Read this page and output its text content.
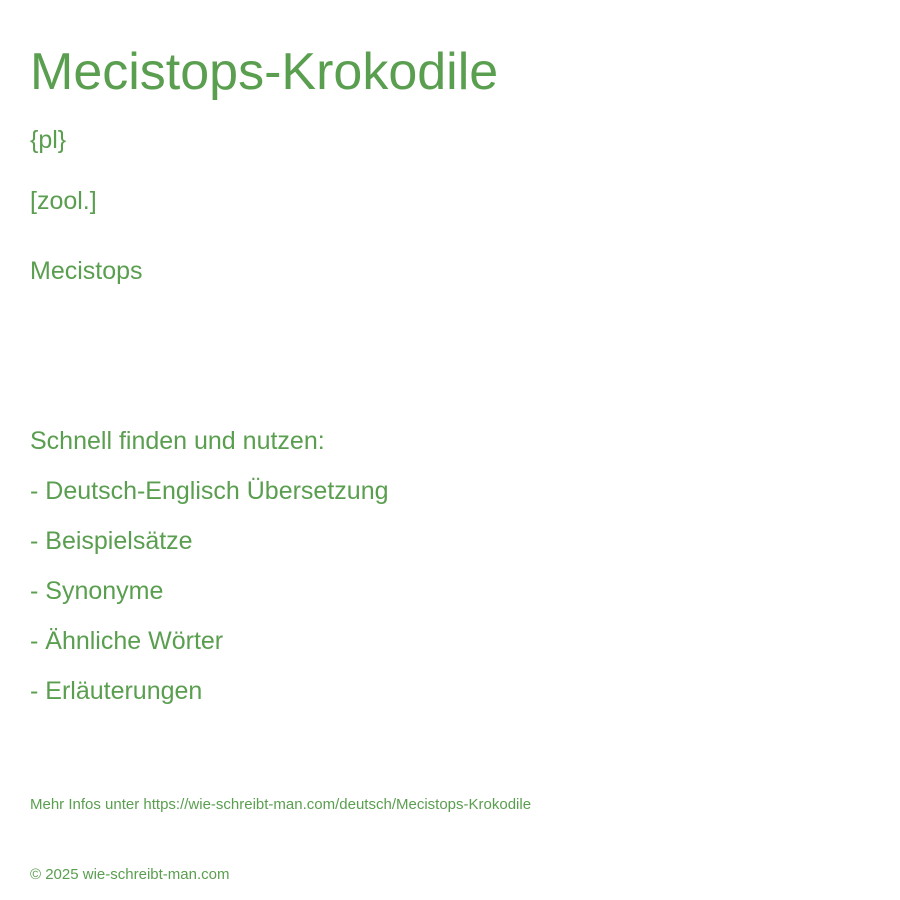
Mecistops-Krokodile
{pl}
[zool.]
Mecistops
Schnell finden und nutzen:
- Deutsch-Englisch Übersetzung
- Beispielsätze
- Synonyme
- Ähnliche Wörter
- Erläuterungen
Mehr Infos unter https://wie-schreibt-man.com/deutsch/Mecistops-Krokodile
© 2025 wie-schreibt-man.com
